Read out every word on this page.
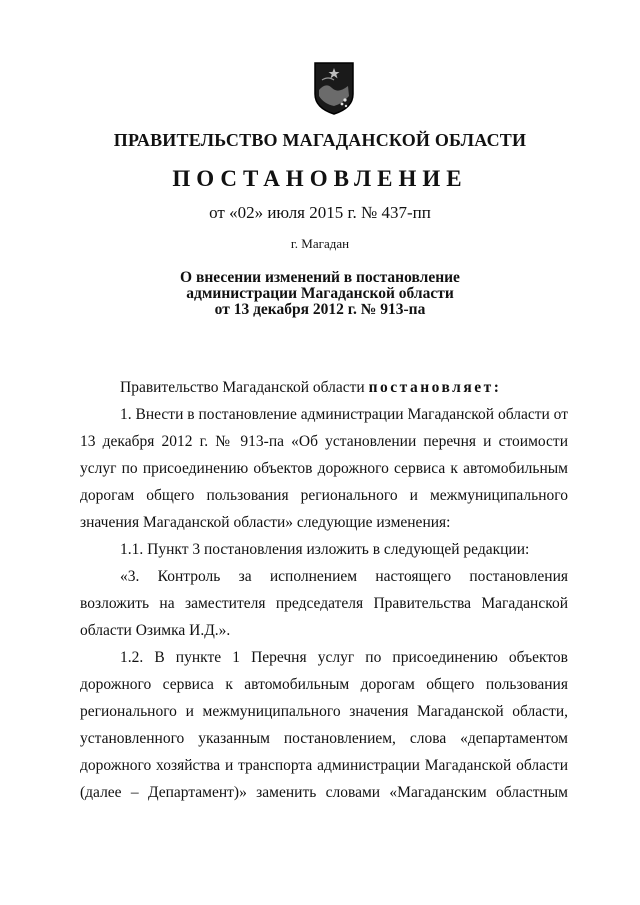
ПРАВИТЕЛЬСТВО МАГАДАНСКОЙ ОБЛАСТИ
ПОСТАНОВЛЕНИЕ

от «02» июля 2015 г. № 437-пп

г. Магадан

О внесении изменений в постановление
администрации Магаданской области
от 13 декабря 2012 г. № 913-па

Правительство Магаданской области постановляет:

1. Внести в постановление администрации Магаданской области от 13 декабря 2012 г. № 913-па «Об установлении перечня и стоимости услуг по присоединению объектов дорожного сервиса к автомобильным дорогам общего пользования регионального и межмуниципального значения Магаданской области» следующие изменения:

1.1. Пункт 3 постановления изложить в следующей редакции:

«3. Контроль за исполнением настоящего постановления возложить на заместителя председателя Правительства Магаданской области Озимка И.Д.».

1.2. В пункте 1 Перечня услуг по присоединению объектов дорожного сервиса к автомобильным дорогам общего пользования регионального и межмуниципального значения Магаданской области, установленного указанным постановлением, слова «департаментом дорожного хозяйства и транспорта администрации Магаданской области (далее – Департамент)» заменить словами «Магаданским областным
